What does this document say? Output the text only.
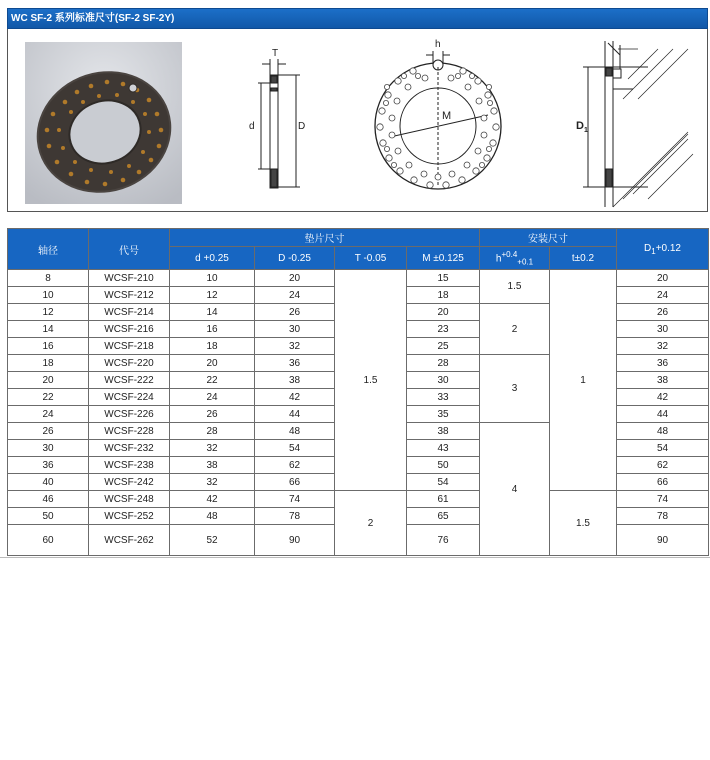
WC SF-2 系列标准尺寸(SF-2 SF-2Y)
T
d	D
h
M
D 1
轴径	代号	垫片尺寸				安装尺寸		$D_1+0.12$
		d +0.25	D -0.25	T -0.05	M ±0.125	$h^{+0.4}_{+0.1}$	t±0.2	
8	WCSF-210	10	20	1.5	15	1.5	1	20
10	WCSF-212	12	24		18			24
12	WCSF-214	14	26		20	2		26
14	WCSF-216	16	30		23			30
16	WCSF-218	18	32		25			32
18	WCSF-220	20	36		28	3		36
20	WCSF-222	22	38		30			38
22	WCSF-224	24	42		33			42
24	WCSF-226	26	44		35			44
26	WCSF-228	28	48		38	4		48
30	WCSF-232	32	54		43			54
36	WCSF-238	38	62		50			62
40	WCSF-242	32	66		54			66
46	WCSF-248	42	74	2	61		1.5	74
50	WCSF-252	48	78		65			78
60	WCSF-262	52	90		76			90
